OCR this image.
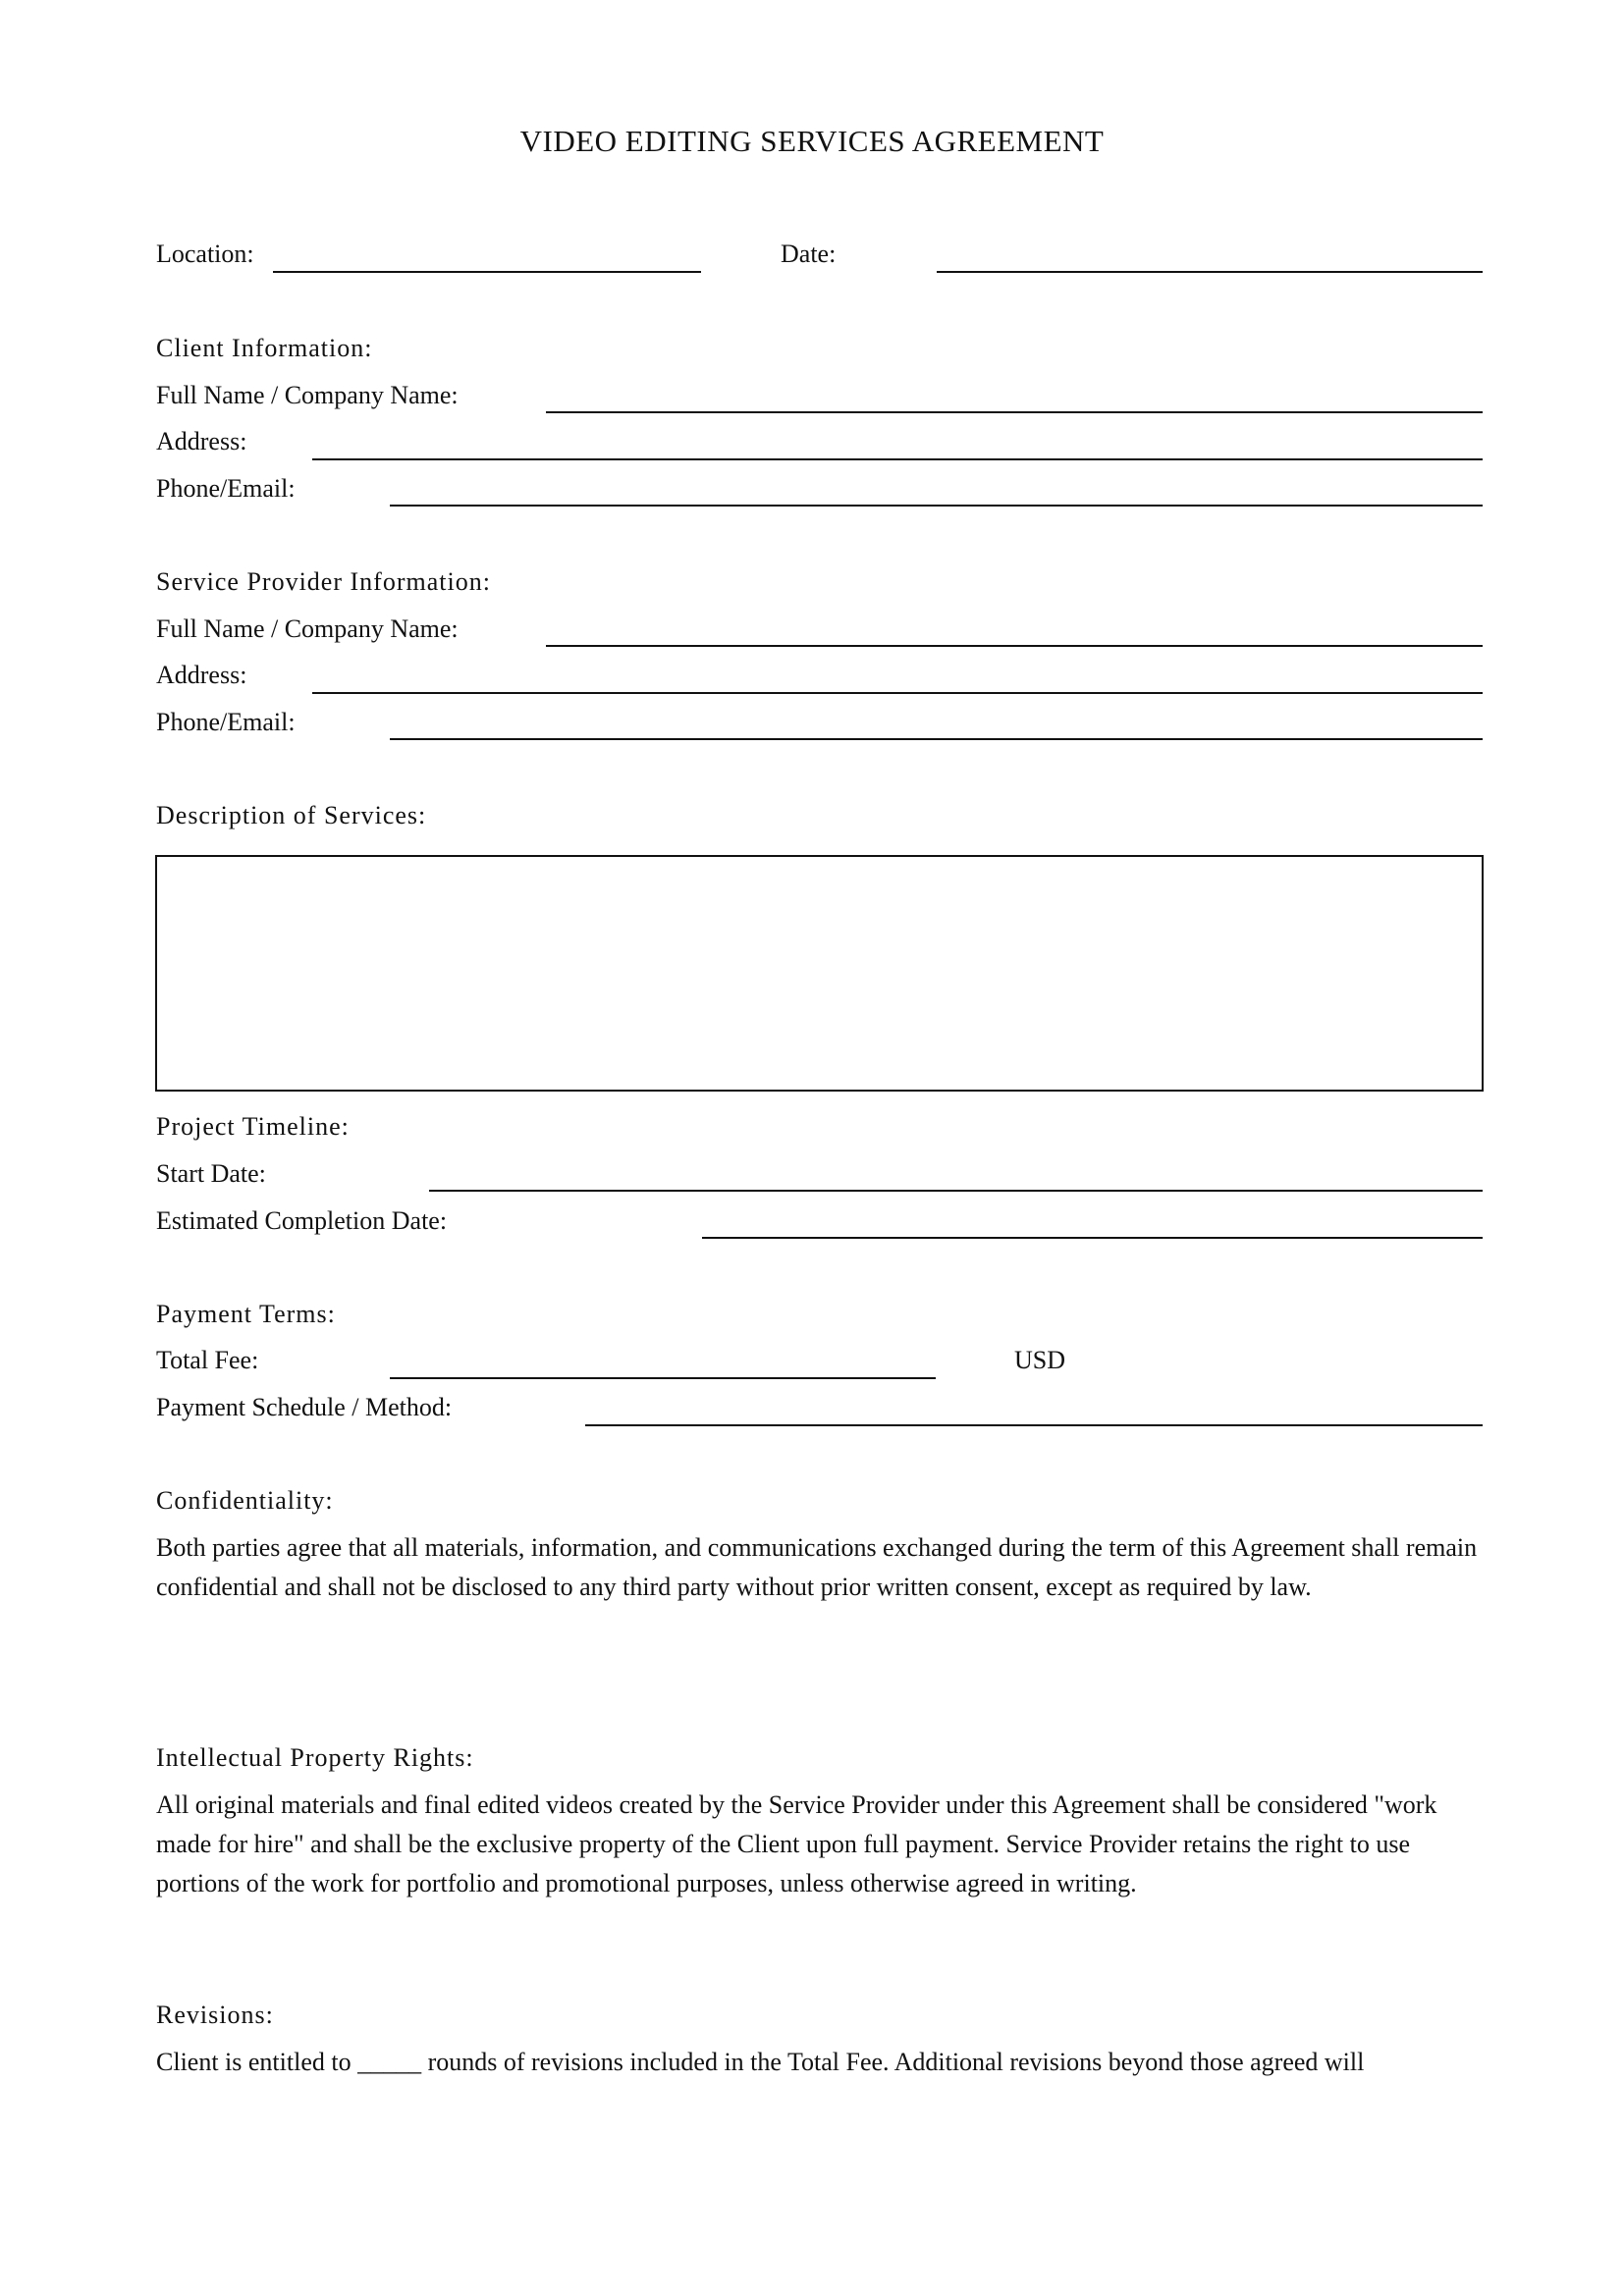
VIDEO EDITING SERVICES AGREEMENT
Location:	Date:
Client Information:
Full Name / Company Name:
Address:
Phone/Email:
Service Provider Information:
Full Name / Company Name:
Address:
Phone/Email:
Description of Services:
Project Timeline:
Start Date:
Estimated Completion Date:
Payment Terms:
Total Fee:	USD
Payment Schedule / Method:
Confidentiality:
Both parties agree that all materials, information, and communications exchanged during the term of this Agreement shall remain confidential and shall not be disclosed to any third party without prior written consent, except as required by law.
Intellectual Property Rights:
All original materials and final edited videos created by the Service Provider under this Agreement shall be considered "work made for hire" and shall be the exclusive property of the Client upon full payment. Service Provider retains the right to use portions of the work for portfolio and promotional purposes, unless otherwise agreed in writing.
Revisions:
Client is entitled to _____ rounds of revisions included in the Total Fee. Additional revisions beyond those agreed will
